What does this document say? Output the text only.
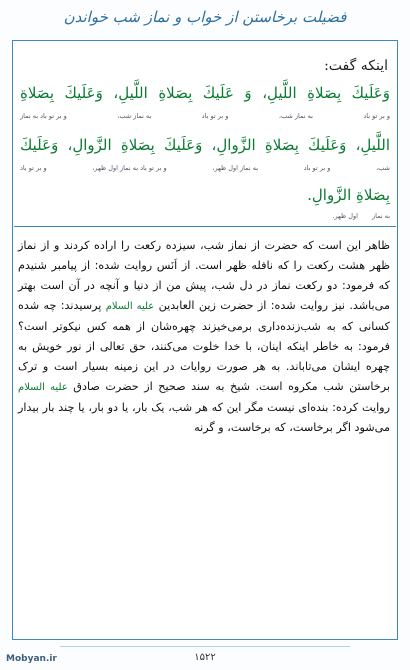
فضیلت برخاستن از خواب و نماز شب خواندن
اینکه گفت:
وَعَلَيكَ بِصَلاةِ اللَّيلِ، وَ عَلَيكَ بِصَلاةِ اللَّيلِ، وَعَلَيكَ بِصَلاةِ
و بر تو باد
به نماز شب،
و بر تو باد
به نماز شب،
و بر تو باد به نماز
اللَّيلِ، وَعَلَيكَ بِصَلاةِ الزَّوالِ، وَعَلَيكَ بِصَلاةِ الزَّوالِ، وَعَلَيكَ
شب،
و بر تو باد
به نماز اول ظهر،
و بر تو باد به نماز اول ظهر،
و بر تو باد
بِصَلاةِ الزَّوالِ.
به نماز
اول ظهر.
ظاهر این است که حضرت از نماز شب، سیزده رکعت را اراده کردند و از نماز ظهر هشت رکعت را که نافله ظهر است. از اَنَس روایت شده: از پیامبر شنیدم که فرمود: دو رکعت نماز در دل شب، پیش من از دنیا و آنچه در آن است بهتر می‌باشد. نیز روایت شده: از حضرت زین العابدین عليه السلام پرسیدند: چه شده کسانی که به شب‌زنده‌داری برمی‌خیزند چهره‌شان از همه کس نیکوتر است؟ فرمود: به خاطر اینکه اینان، با خدا خلوت می‌کنند، حق تعالی از نور خویش به چهره ایشان می‌تاباند. به هر صورت روایات در این زمینه بسیار است و ترک برخاستن شب مکروه است. شیخ به سند صحیح از حضرت صادق عليه السلام روایت کرده: بنده‌ای نیست مگر این که هر شب، یک بار، یا دو بار، یا چند بار بیدار می‌شود اگر برخاست، که برخاست، و گرنه
۱۵۲۲
Mobyan.ir
